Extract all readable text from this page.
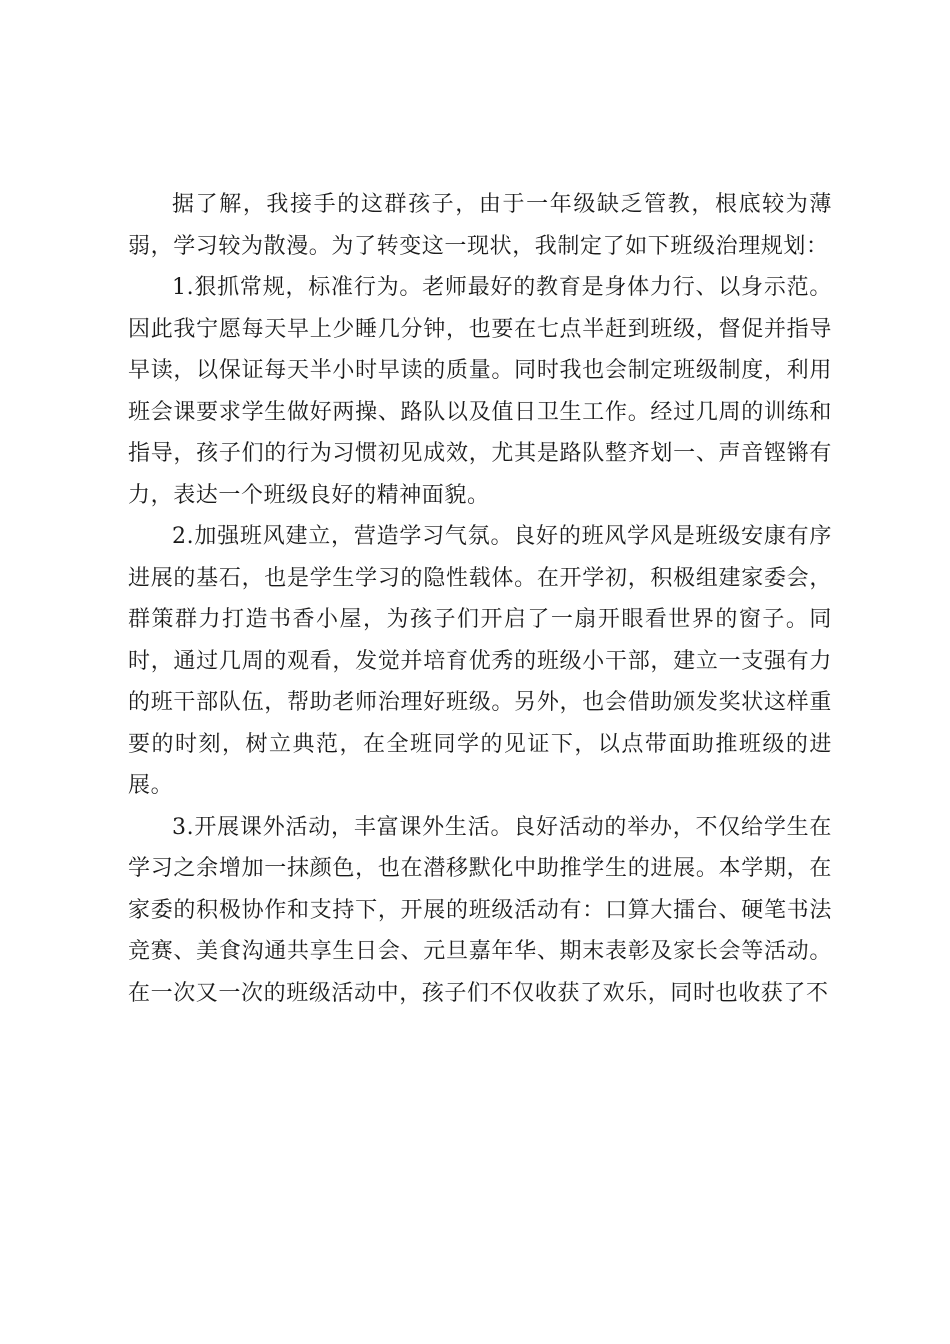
据了解，我接手的这群孩子，由于一年级缺乏管教，根底较为薄弱，学习较为散漫。为了转变这一现状，我制定了如下班级治理规划：

1.狠抓常规，标准行为。老师最好的教育是身体力行、以身示范。因此我宁愿每天早上少睡几分钟，也要在七点半赶到班级，督促并指导早读，以保证每天半小时早读的质量。同时我也会制定班级制度，利用班会课要求学生做好两操、路队以及值日卫生工作。经过几周的训练和指导，孩子们的行为习惯初见成效，尤其是路队整齐划一、声音铿锵有力，表达一个班级良好的精神面貌。

2.加强班风建立，营造学习气氛。良好的班风学风是班级安康有序进展的基石，也是学生学习的隐性载体。在开学初，积极组建家委会，群策群力打造书香小屋，为孩子们开启了一扇开眼看世界的窗子。同时，通过几周的观看，发觉并培育优秀的班级小干部，建立一支强有力的班干部队伍，帮助老师治理好班级。另外，也会借助颁发奖状这样重要的时刻，树立典范，在全班同学的见证下，以点带面助推班级的进展。

3.开展课外活动，丰富课外生活。良好活动的举办，不仅给学生在学习之余增加一抹颜色，也在潜移默化中助推学生的进展。本学期，在家委的积极协作和支持下，开展的班级活动有：口算大擂台、硬笔书法竞赛、美食沟通共享生日会、元旦嘉年华、期末表彰及家长会等活动。在一次又一次的班级活动中，孩子们不仅收获了欢乐，同时也收获了不
